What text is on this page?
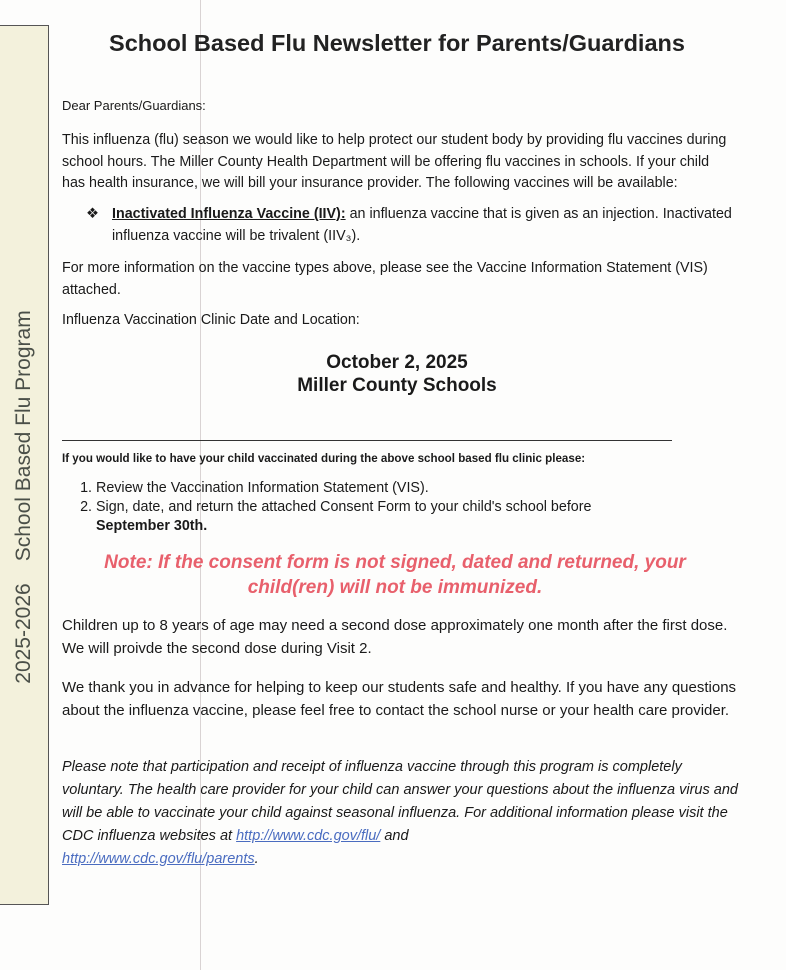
2025-2026School Based Flu Program
School Based Flu Newsletter for Parents/Guardians
Dear Parents/Guardians:
This influenza (flu) season we would like to help protect our student body by providing flu vaccines during school hours. The Miller County Health Department will be offering flu vaccines in schools. If your child has health insurance, we will bill your insurance provider. The following vaccines will be available:
❖ Inactivated Influenza Vaccine (IIV): an influenza vaccine that is given as an injection. Inactivated influenza vaccine will be trivalent (IIV₃).
For more information on the vaccine types above, please see the Vaccine Information Statement (VIS) attached.
Influenza Vaccination Clinic Date and Location:
October 2, 2025
Miller County Schools
If you would like to have your child vaccinated during the above school based flu clinic please:
1. Review the Vaccination Information Statement (VIS).
2. Sign, date, and return the attached Consent Form to your child's school before
September 30th.
Note: If the consent form is not signed, dated and returned, your child(ren) will not be immunized.
Children up to 8 years of age may need a second dose approximately one month after the first dose. We will proivde the second dose during Visit 2.
We thank you in advance for helping to keep our students safe and healthy. If you have any questions about the influenza vaccine, please feel free to contact the school nurse or your health care provider.
Please note that participation and receipt of influenza vaccine through this program is completely voluntary. The health care provider for your child can answer your questions about the influenza virus and will be able to vaccinate your child against seasonal influenza. For additional information please visit the CDC influenza websites at http://www.cdc.gov/flu/ and
http://www.cdc.gov/flu/parents.
